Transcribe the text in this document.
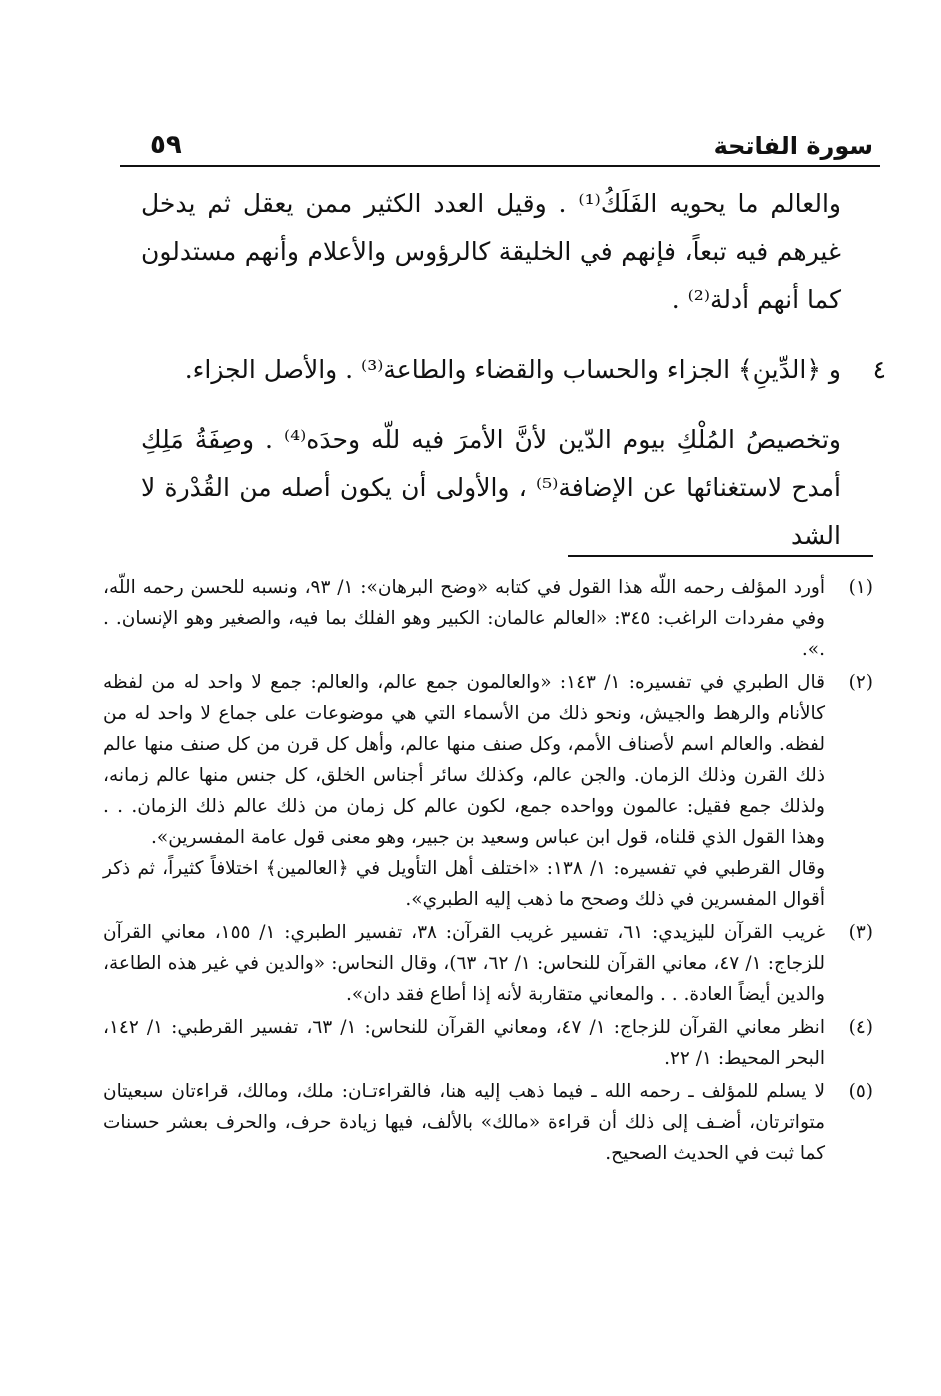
سورة الفاتحة
٥٩

والعالم ما يحويه الفَلَكُ⁽¹⁾ . وقيل العدد الكثير ممن يعقل ثم يدخل غيرهم فيه تبعاً، فإنهم في الخليقة كالرؤوس والأعلام وأنهم مستدلون كما أنهم أدلة⁽²⁾ .

٤

و ﴿الدِّينِ﴾ الجزاء والحساب والقضاء والطاعة⁽³⁾ . والأصل الجزاء.

وتخصيصُ المُلْكِ بيوم الدّين لأنَّ الأمرَ فيه للّه وحدَه⁽⁴⁾ . وصِفَةُ مَلِكِ أمدح لاستغنائها عن الإضافة⁽⁵⁾ ، والأولى أن يكون أصله من القُدْرة لا الشد

(١)
أورد المؤلف رحمه اللّه هذا القول في كتابه «وضح البرهان»: ١/ ٩٣، ونسبه للحسن رحمه اللّه، وفي مفردات الراغب: ٣٤٥: «العالم عالمان: الكبير وهو الفلك بما فيه، والصغير وهو الإنسان. . .».
(٢)
قال الطبري في تفسيره: ١/ ١٤٣: «والعالمون جمع عالم، والعالم: جمع لا واحد له من لفظه كالأنام والرهط والجيش، ونحو ذلك من الأسماء التي هي موضوعات على جماع لا واحد له من لفظه. والعالم اسم لأصناف الأمم، وكل صنف منها عالم، وأهل كل قرن من كل صنف منها عالم ذلك القرن وذلك الزمان. والجن عالم، وكذلك سائر أجناس الخلق، كل جنس منها عالم زمانه، ولذلك جمع فقيل: عالمون وواحده جمع، لكون عالم كل زمان من ذلك عالم ذلك الزمان. . . وهذا القول الذي قلناه، قول ابن عباس وسعيد بن جبير، وهو معنى قول عامة المفسرين».
وقال القرطبي في تفسيره: ١/ ١٣٨: «اختلف أهل التأويل في ﴿العالمين﴾ اختلافاً كثيراً، ثم ذكر أقوال المفسرين في ذلك وصحح ما ذهب إليه الطبري».
(٣)
غريب القرآن لليزيدي: ٦١، تفسير غريب القرآن: ٣٨، تفسير الطبري: ١/ ١٥٥، معاني القرآن للزجاج: ١/ ٤٧، معاني القرآن للنحاس: ١/ ٦٢، ٦٣)، وقال النحاس: «والدين في غير هذه الطاعة، والدين أيضاً العادة. . . والمعاني متقاربة لأنه إذا أطاع فقد دان».
(٤)
انظر معاني القرآن للزجاج: ١/ ٤٧، ومعاني القرآن للنحاس: ١/ ٦٣، تفسير القرطبي: ١/ ١٤٢، البحر المحيط: ١/ ٢٢.
(٥)
لا يسلم للمؤلف ـ رحمه الله ـ فيما ذهب إليه هنا، فالقراءتـان: ملك، ومالك، قراءتان سبعيتان متواترتان، أضـف إلى ذلك أن قراءة «مالك» بالألف، فيها زيادة حرف، والحرف بعشر حسنات كما ثبت في الحديث الصحيح.
